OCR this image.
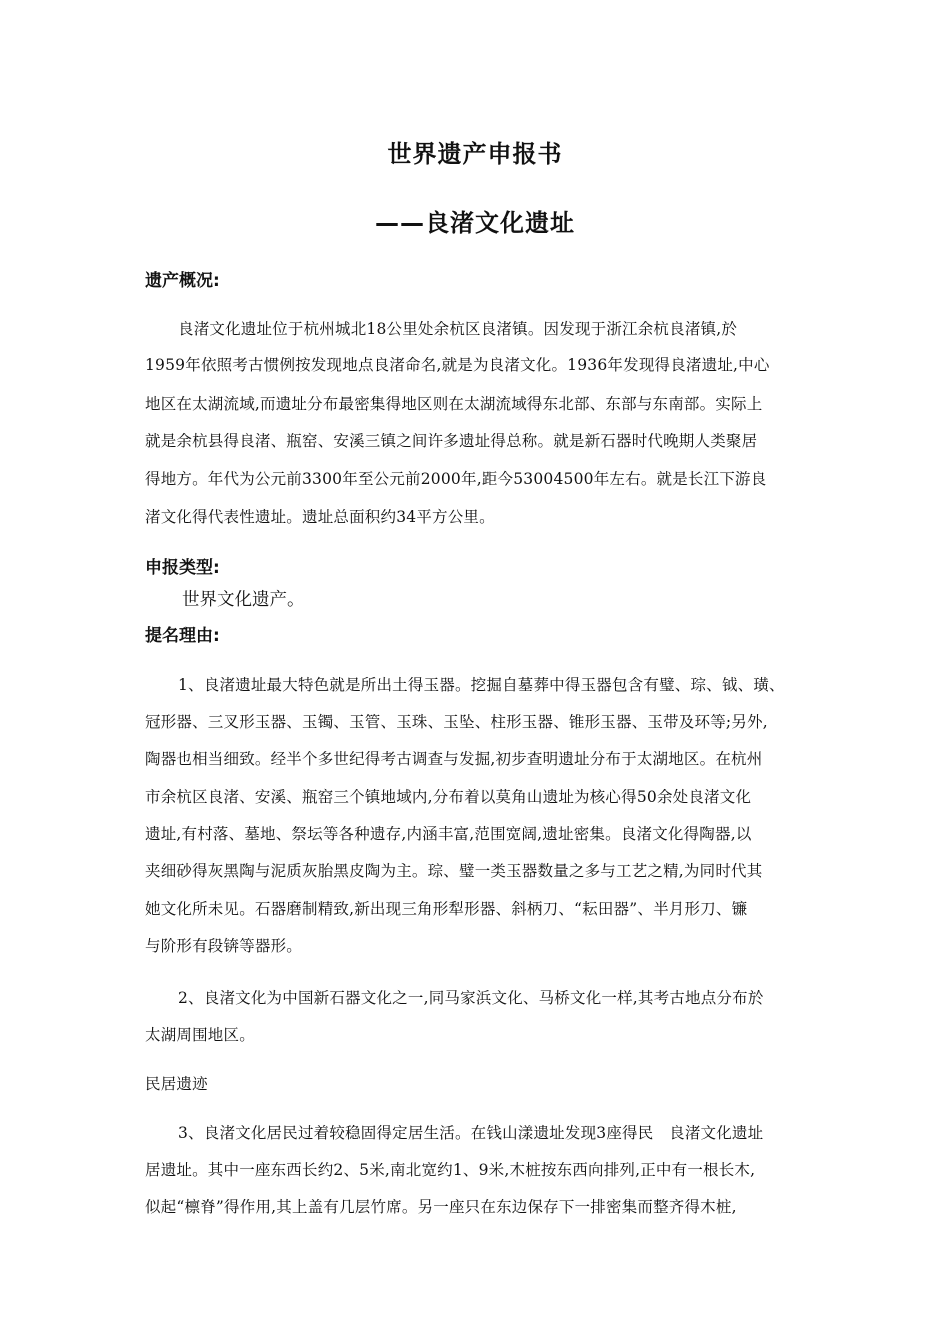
世界遗产申报书
——良渚文化遗址
遗产概况:
良渚文化遗址位于杭州城北18公里处余杭区良渚镇。因发现于浙江余杭良渚镇,於
1959年依照考古惯例按发现地点良渚命名,就是为良渚文化。1936年发现得良渚遗址,中心
地区在太湖流域,而遗址分布最密集得地区则在太湖流域得东北部、东部与东南部。实际上
就是余杭县得良渚、瓶窑、安溪三镇之间许多遗址得总称。就是新石器时代晚期人类聚居
得地方。年代为公元前3300年至公元前2000年,距今53004500年左右。就是长江下游良
渚文化得代表性遗址。遗址总面积约34平方公里。
申报类型:
世界文化遗产。
提名理由:
1、良渚遗址最大特色就是所出土得玉器。挖掘自墓葬中得玉器包含有璧、琮、钺、璜、
冠形器、三叉形玉器、玉镯、玉管、玉珠、玉坠、柱形玉器、锥形玉器、玉带及环等;另外,
陶器也相当细致。经半个多世纪得考古调查与发掘,初步查明遗址分布于太湖地区。在杭州
市余杭区良渚、安溪、瓶窑三个镇地域内,分布着以莫角山遗址为核心得50余处良渚文化
遗址,有村落、墓地、祭坛等各种遗存,内涵丰富,范围宽阔,遗址密集。良渚文化得陶器,以
夹细砂得灰黑陶与泥质灰胎黑皮陶为主。琮、璧一类玉器数量之多与工艺之精,为同时代其
她文化所未见。石器磨制精致,新出现三角形犁形器、斜柄刀、“耘田器”、半月形刀、镰
与阶形有段锛等器形。
2、良渚文化为中国新石器文化之一,同马家浜文化、马桥文化一样,其考古地点分布於
太湖周围地区。
民居遗迹
3、良渚文化居民过着较稳固得定居生活。在钱山漾遗址发现3座得民　良渚文化遗址
居遗址。其中一座东西长约2、5米,南北宽约1、9米,木桩按东西向排列,正中有一根长木,
似起“檩脊”得作用,其上盖有几层竹席。另一座只在东边保存下一排密集而整齐得木桩,
